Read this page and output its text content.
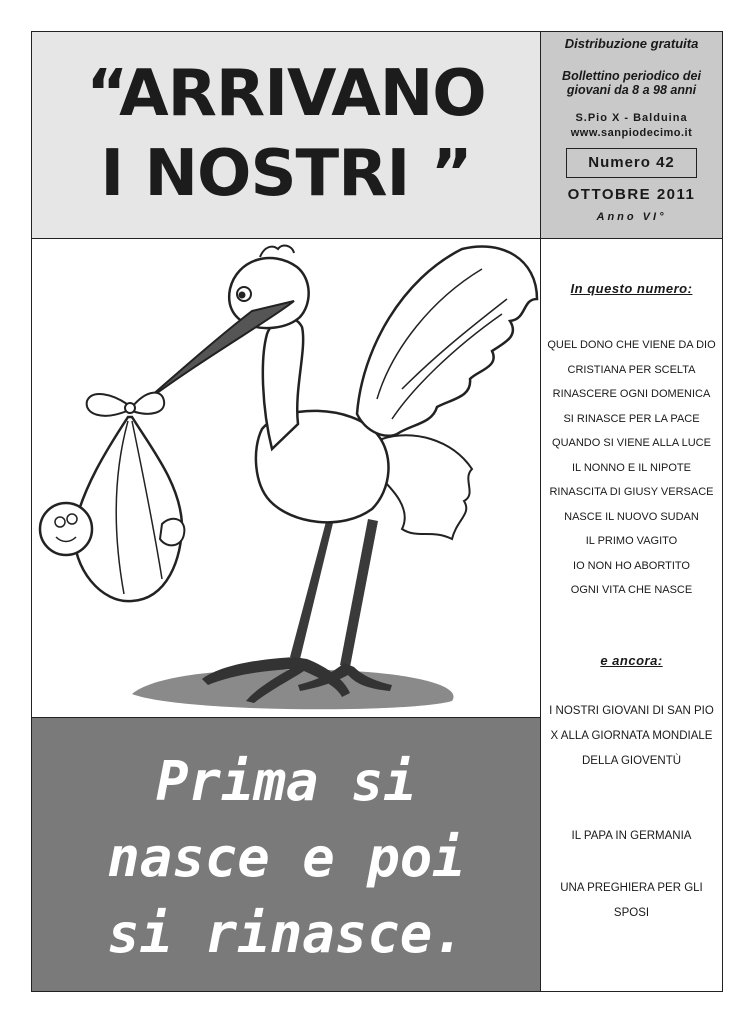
“ARRIVANO
I NOSTRI ”
Distribuzione gratuita
Bollettino periodico dei
giovani da 8 a 98 anni
S.Pio X - Balduina
www.sanpiodecimo.it
Numero 42
OTTOBRE 2011
Anno VI°
Prima si
nasce e poi
si rinasce.
In questo numero:
QUEL DONO CHE VIENE DA DIO
CRISTIANA PER SCELTA
RINASCERE OGNI DOMENICA
SI RINASCE PER LA PACE
QUANDO SI VIENE ALLA LUCE
IL NONNO E IL NIPOTE
RINASCITA DI GIUSY VERSACE
NASCE IL NUOVO SUDAN
IL PRIMO VAGITO
IO NON HO ABORTITO
OGNI VITA CHE NASCE
e ancora:
I NOSTRI GIOVANI DI SAN PIO X ALLA GIORNATA MONDIALE DELLA GIOVENTÙ
IL PAPA IN GERMANIA
UNA PREGHIERA PER GLI SPOSI
